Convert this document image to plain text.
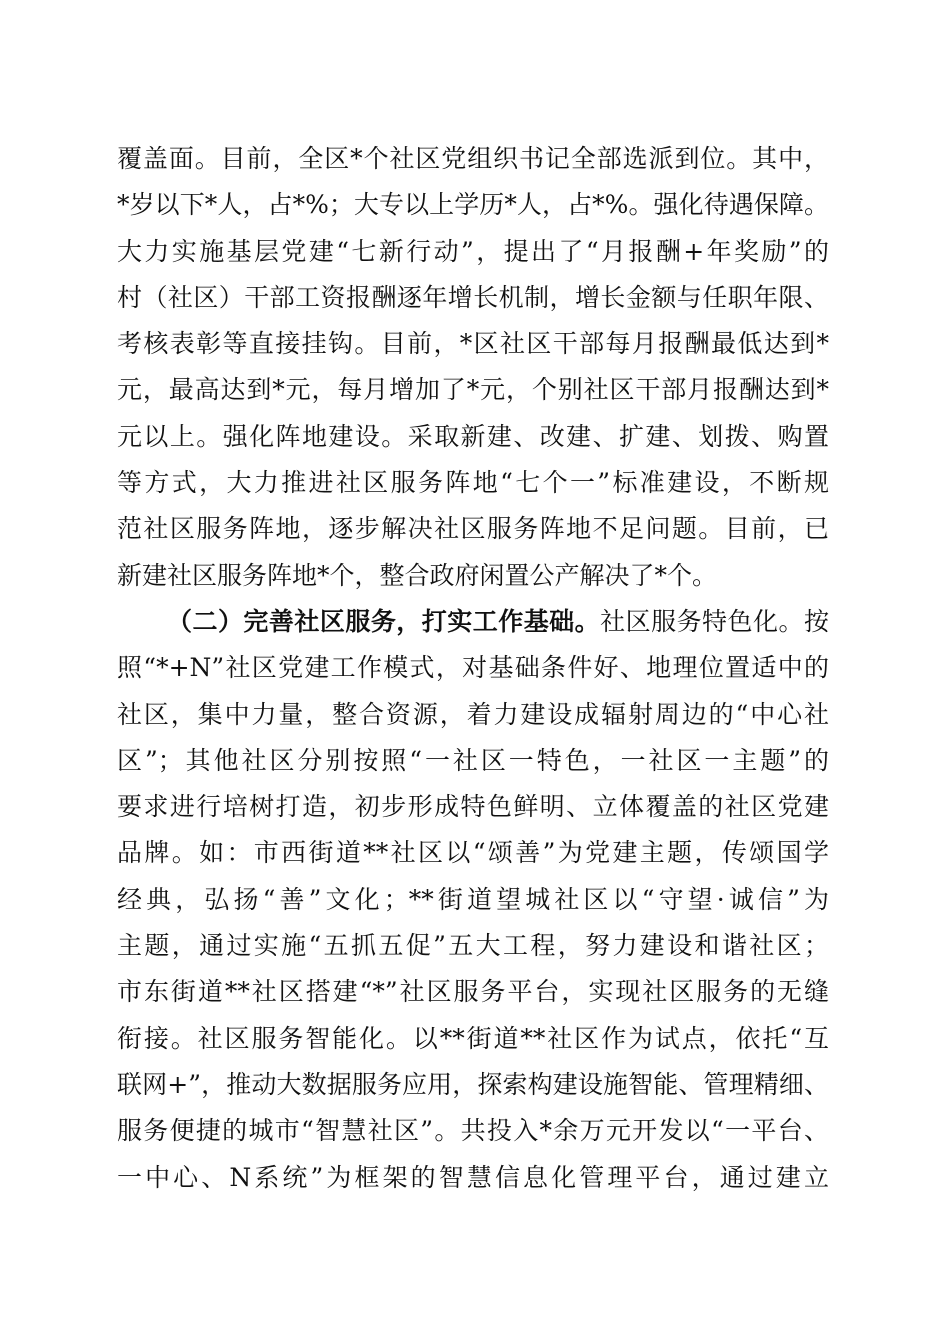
覆盖面。目前，全区*个社区党组织书记全部选派到位。其中，
*岁以下*人，占*%；大专以上学历*人，占*%。强化待遇保障。
大力实施基层党建“七新行动”，提出了“月报酬+年奖励”的
村（社区）干部工资报酬逐年增长机制，增长金额与任职年限、
考核表彰等直接挂钩。目前，*区社区干部每月报酬最低达到*
元，最高达到*元，每月增加了*元，个别社区干部月报酬达到*
元以上。强化阵地建设。采取新建、改建、扩建、划拨、购置
等方式，大力推进社区服务阵地“七个一”标准建设，不断规
范社区服务阵地，逐步解决社区服务阵地不足问题。目前，已
新建社区服务阵地*个，整合政府闲置公产解决了*个。
（二）完善社区服务，打实工作基础。社区服务特色化。按
照“*+N”社区党建工作模式，对基础条件好、地理位置适中的
社区，集中力量，整合资源，着力建设成辐射周边的“中心社
区”；其他社区分别按照“一社区一特色，一社区一主题”的
要求进行培树打造，初步形成特色鲜明、立体覆盖的社区党建
品牌。如：市西街道**社区以“颂善”为党建主题，传颂国学
经典，弘扬“善”文化；**街道望城社区以“守望·诚信”为
主题，通过实施“五抓五促”五大工程，努力建设和谐社区；
市东街道**社区搭建“*”社区服务平台，实现社区服务的无缝
衔接。社区服务智能化。以**街道**社区作为试点，依托“互
联网+”，推动大数据服务应用，探索构建设施智能、管理精细、
服务便捷的城市“智慧社区”。共投入*余万元开发以“一平台、
一中心、N系统”为框架的智慧信息化管理平台，通过建立
